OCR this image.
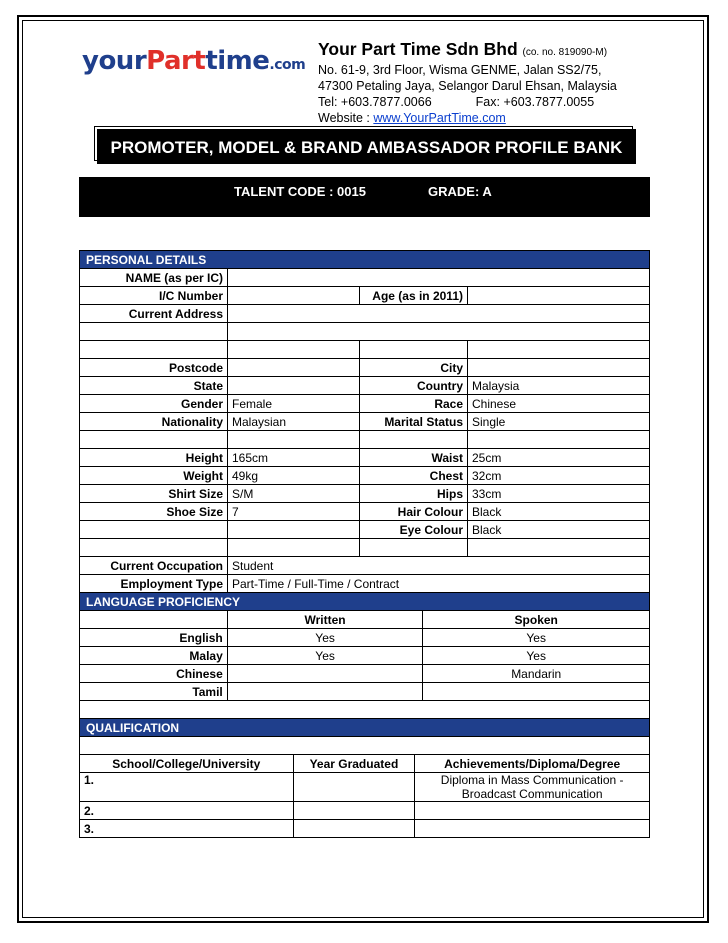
yourParttime.com
Your Part Time Sdn Bhd (co. no. 819090-M)
No. 61-9, 3rd Floor, Wisma GENME, Jalan SS2/75,
47300 Petaling Jaya, Selangor Darul Ehsan, Malaysia
Tel: +603.7877.0066	Fax: +603.7877.0055
Website : www.YourPartTime.com
PROMOTER, MODEL & BRAND AMBASSADOR PROFILE BANK
TALENT CODE : 0015	GRADE: A
PERSONAL DETAILS			
NAME (as per IC)			
I/C Number		Age (as in 2011)	
Current Address			

Postcode		City	
State		Country	Malaysia
Gender	Female	Race	Chinese
Nationality	Malaysian	Marital Status	Single

Height	165cm	Waist	25cm
Weight	49kg	Chest	32cm
Shirt Size	S/M	Hips	33cm
Shoe Size	7	Hair Colour	Black
		Eye Colour	Black

Current Occupation	Student		
Employment Type	Part-Time / Full-Time / Contract		
LANGUAGE PROFICIENCY		
	Written	Spoken
English	Yes	Yes
Malay	Yes	Yes
Chinese		Mandarin
Tamil		

QUALIFICATION		

School/College/University	Year Graduated	Achievements/Diploma/Degree
1.		Diploma in Mass Communication -
Broadcast Communication

2.		
3.		
